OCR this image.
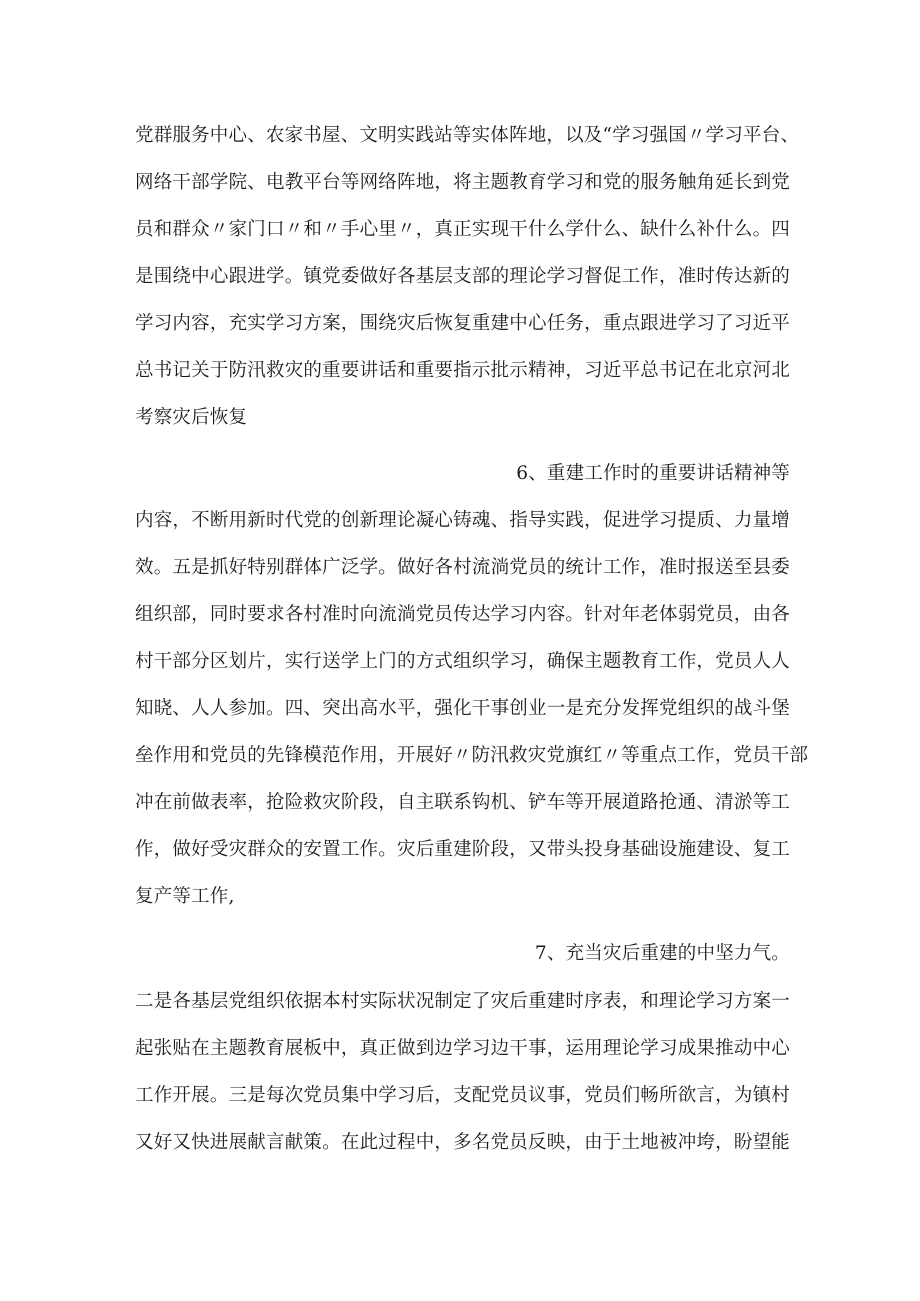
党群服务中心、农家书屋、文明实践站等实体阵地，以及“学习强国〃学习平台、
网络干部学院、电教平台等网络阵地，将主题教育学习和党的服务触角延长到党
员和群众〃家门口〃和〃手心里〃，真正实现干什么学什么、缺什么补什么。四
是围绕中心跟进学。镇党委做好各基层支部的理论学习督促工作，准时传达新的
学习内容，充实学习方案，围绕灾后恢复重建中心任务，重点跟进学习了习近平
总书记关于防汛救灾的重要讲话和重要指示批示精神，习近平总书记在北京河北
考察灾后恢复
6、重建工作时的重要讲话精神等
内容，不断用新时代党的创新理论凝心铸魂、指导实践，促进学习提质、力量增
效。五是抓好特别群体广泛学。做好各村流淌党员的统计工作，准时报送至县委
组织部，同时要求各村准时向流淌党员传达学习内容。针对年老体弱党员，由各
村干部分区划片，实行送学上门的方式组织学习，确保主题教育工作，党员人人
知晓、人人参加。四、突出高水平，强化干事创业一是充分发挥党组织的战斗堡
垒作用和党员的先锋模范作用，开展好〃防汛救灾党旗红〃等重点工作，党员干部
冲在前做表率，抢险救灾阶段，自主联系钩机、铲车等开展道路抢通、清淤等工
作，做好受灾群众的安置工作。灾后重建阶段，又带头投身基础设施建设、复工
复产等工作,
7、充当灾后重建的中坚力气。
二是各基层党组织依据本村实际状况制定了灾后重建时序表，和理论学习方案一
起张贴在主题教育展板中，真正做到边学习边干事，运用理论学习成果推动中心
工作开展。三是每次党员集中学习后，支配党员议事，党员们畅所欲言，为镇村
又好又快进展献言献策。在此过程中，多名党员反映，由于土地被冲垮，盼望能
